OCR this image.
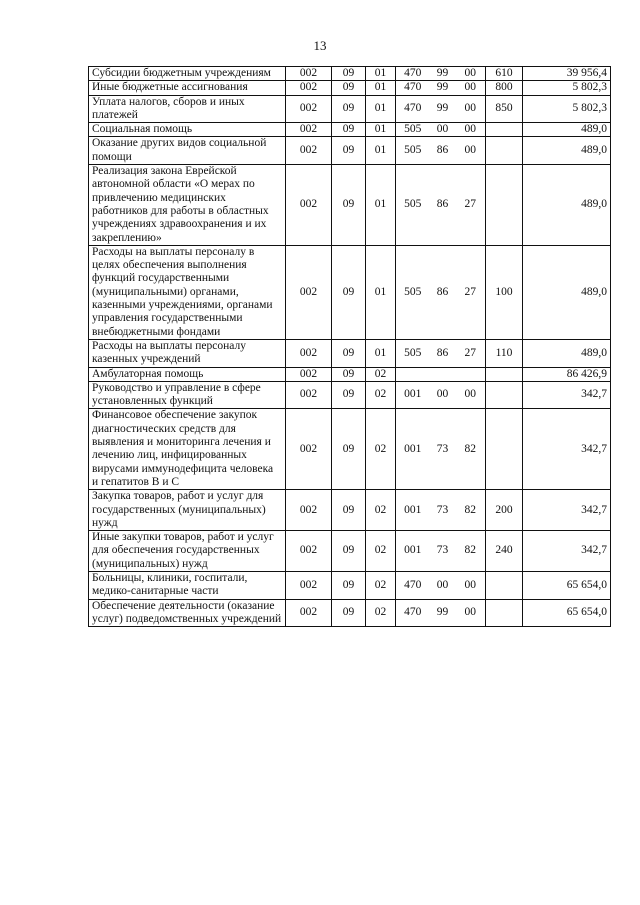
13
Субсидии бюджетным учреждениям	002	09	01	470	99	00	610	39 956,4
Иные бюджетные ассигнования	002	09	01	470	99	00	800	5 802,3
Уплата налогов, сборов и иных платежей	002	09	01	470	99	00	850	5 802,3
Социальная помощь	002	09	01	505	00	00		489,0
Оказание других видов социальной помощи	002	09	01	505	86	00		489,0
Реализация закона Еврейской автономной области «О мерах по привлечению медицинских работников для работы в областных учреждениях здравоохранения и их закреплению»	002	09	01	505	86	27		489,0
Расходы на выплаты персоналу в целях обеспечения выполнения функций государственными (муниципальными) органами, казенными учреждениями, органами управления государственными внебюджетными фондами	002	09	01	505	86	27	100	489,0
Расходы на выплаты персоналу казенных учреждений	002	09	01	505	86	27	110	489,0
Амбулаторная помощь	002	09	02					86 426,9
Руководство и управление в сфере установленных функций	002	09	02	001	00	00		342,7
Финансовое обеспечение закупок диагностических средств для выявления и мониторинга лечения и лечению лиц, инфицированных вирусами иммунодефицита человека и гепатитов В и С	002	09	02	001	73	82		342,7
Закупка товаров, работ и услуг для государственных (муниципальных) нужд	002	09	02	001	73	82	200	342,7
Иные закупки товаров, работ и услуг для обеспечения государственных (муниципальных) нужд	002	09	02	001	73	82	240	342,7
Больницы, клиники, госпитали, медико-санитарные части	002	09	02	470	00	00		65 654,0
Обеспечение деятельности (оказание услуг) подведомственных учреждений	002	09	02	470	99	00		65 654,0
